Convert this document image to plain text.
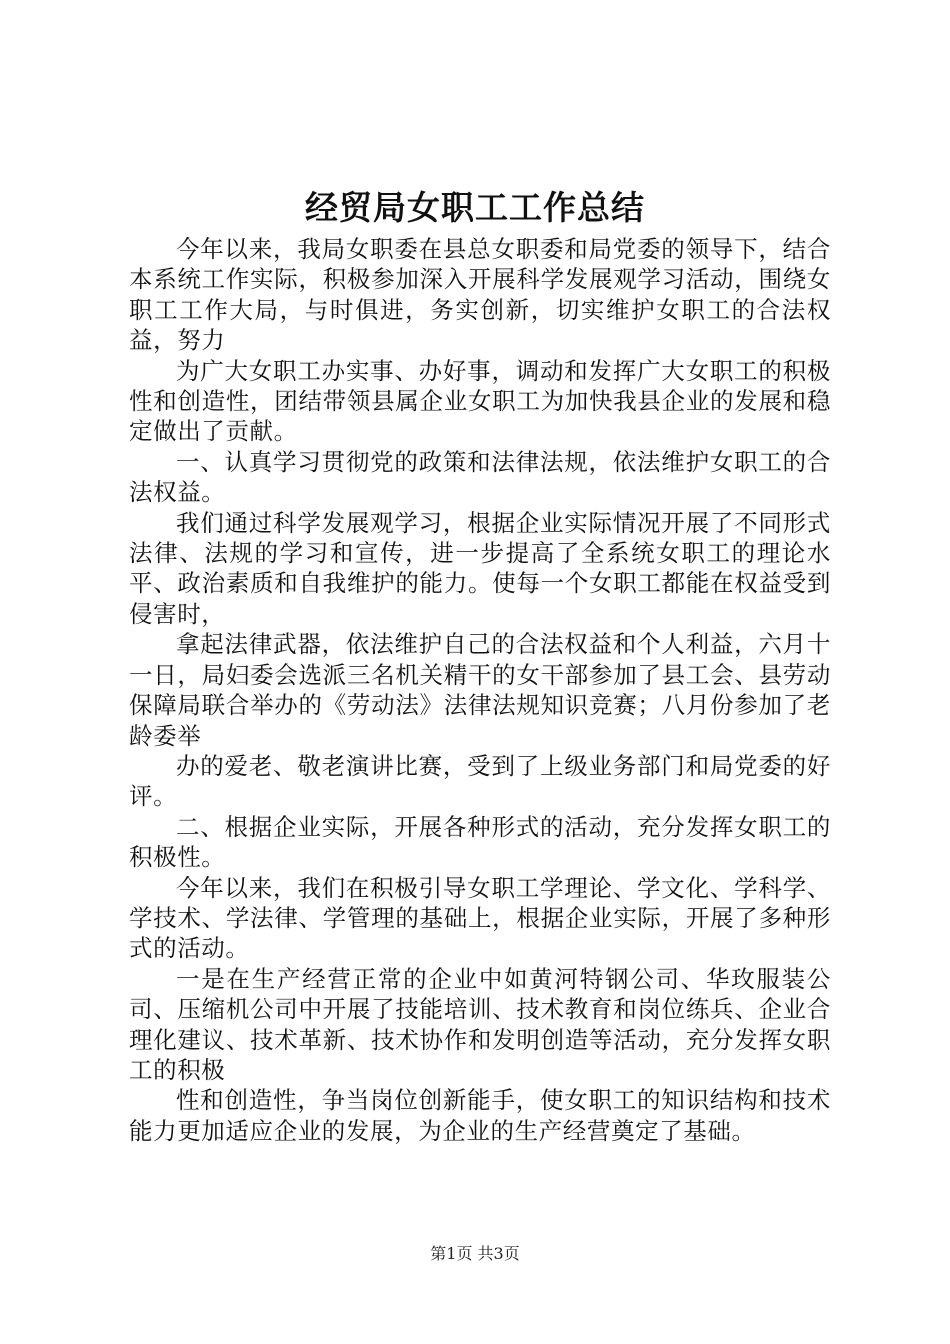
经贸局女职工工作总结

今年以来，我局女职委在县总女职委和局党委的领导下，结合本系统工作实际，积极参加深入开展科学发展观学习活动，围绕女职工工作大局，与时俱进，务实创新，切实维护女职工的合法权益，努力

为广大女职工办实事、办好事，调动和发挥广大女职工的积极性和创造性，团结带领县属企业女职工为加快我县企业的发展和稳定做出了贡献。

一、认真学习贯彻党的政策和法律法规，依法维护女职工的合法权益。

我们通过科学发展观学习，根据企业实际情况开展了不同形式法律、法规的学习和宣传，进一步提高了全系统女职工的理论水平、政治素质和自我维护的能力。使每一个女职工都能在权益受到侵害时，

拿起法律武器，依法维护自己的合法权益和个人利益，六月十一日，局妇委会选派三名机关精干的女干部参加了县工会、县劳动保障局联合举办的《劳动法》法律法规知识竞赛；八月份参加了老龄委举

办的爱老、敬老演讲比赛，受到了上级业务部门和局党委的好评。

二、根据企业实际，开展各种形式的活动，充分发挥女职工的积极性。

今年以来，我们在积极引导女职工学理论、学文化、学科学、学技术、学法律、学管理的基础上，根据企业实际，开展了多种形式的活动。

一是在生产经营正常的企业中如黄河特钢公司、华玫服装公司、压缩机公司中开展了技能培训、技术教育和岗位练兵、企业合理化建议、技术革新、技术协作和发明创造等活动，充分发挥女职工的积极

性和创造性，争当岗位创新能手，使女职工的知识结构和技术能力更加适应企业的发展，为企业的生产经营奠定了基础。

第1页 共3页
